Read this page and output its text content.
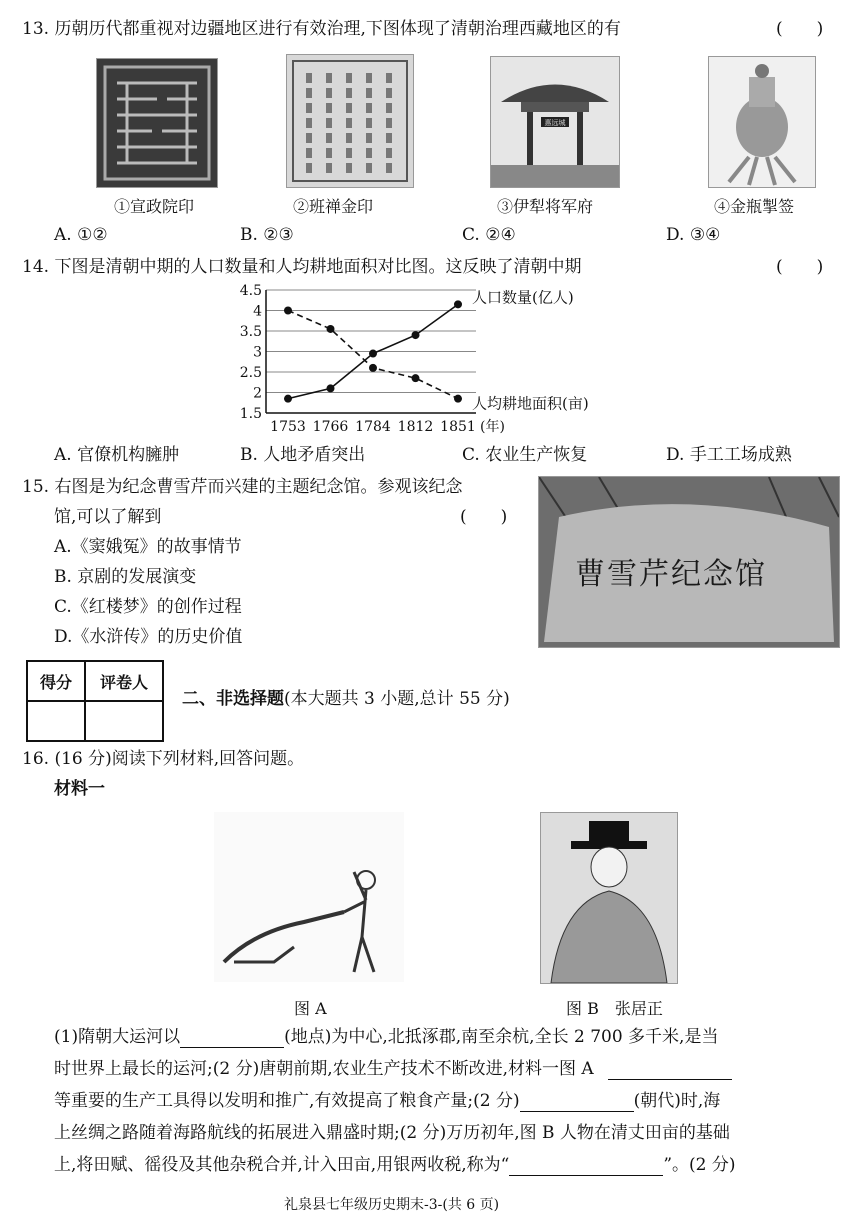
13. 历朝历代都重视对边疆地区进行有效治理,下图体现了清朝治理西藏地区的有	(　　)
惠远城
①宣政院印	②班禅金印	③伊犁将军府	④金瓶掣签
A. ①②	B. ②③	C. ②④	D. ③④
14. 下图是清朝中期的人口数量和人均耕地面积对比图。这反映了清朝中期	(　　)
4.5
4
3.5
3
2.5
2
1.5
1753 1766 1784 1812 1851 (年)
人口数量(亿人)
人均耕地面积(亩)
A. 官僚机构臃肿	B. 人地矛盾突出	C. 农业生产恢复	D. 手工工场成熟
15. 右图是为纪念曹雪芹而兴建的主题纪念馆。参观该纪念
馆,可以了解到	(　　)
A.《窦娥冤》的故事情节
B. 京剧的发展演变
C.《红楼梦》的创作过程
D.《水浒传》的历史价值
曹雪芹纪念馆
得分	评卷人

二、非选择题(本大题共 3 小题,总计 55 分)
16. (16 分)阅读下列材料,回答问题。
材料一
图 A	图 B　张居正
(1)隋朝大运河以	(地点)为中心,北抵涿郡,南至余杭,全长 2 700 多千米,是当
时世界上最长的运河;(2 分)唐朝前期,农业生产技术不断改进,材料一图 A
等重要的生产工具得以发明和推广,有效提高了粮食产量;(2 分)	(朝代)时,海
上丝绸之路随着海路航线的拓展进入鼎盛时期;(2 分)万历初年,图 B 人物在清丈田亩的基础
上,将田赋、徭役及其他杂税合并,计入田亩,用银两收税,称为“	”。(2 分)
礼泉县七年级历史期末-3-(共 6 页)
